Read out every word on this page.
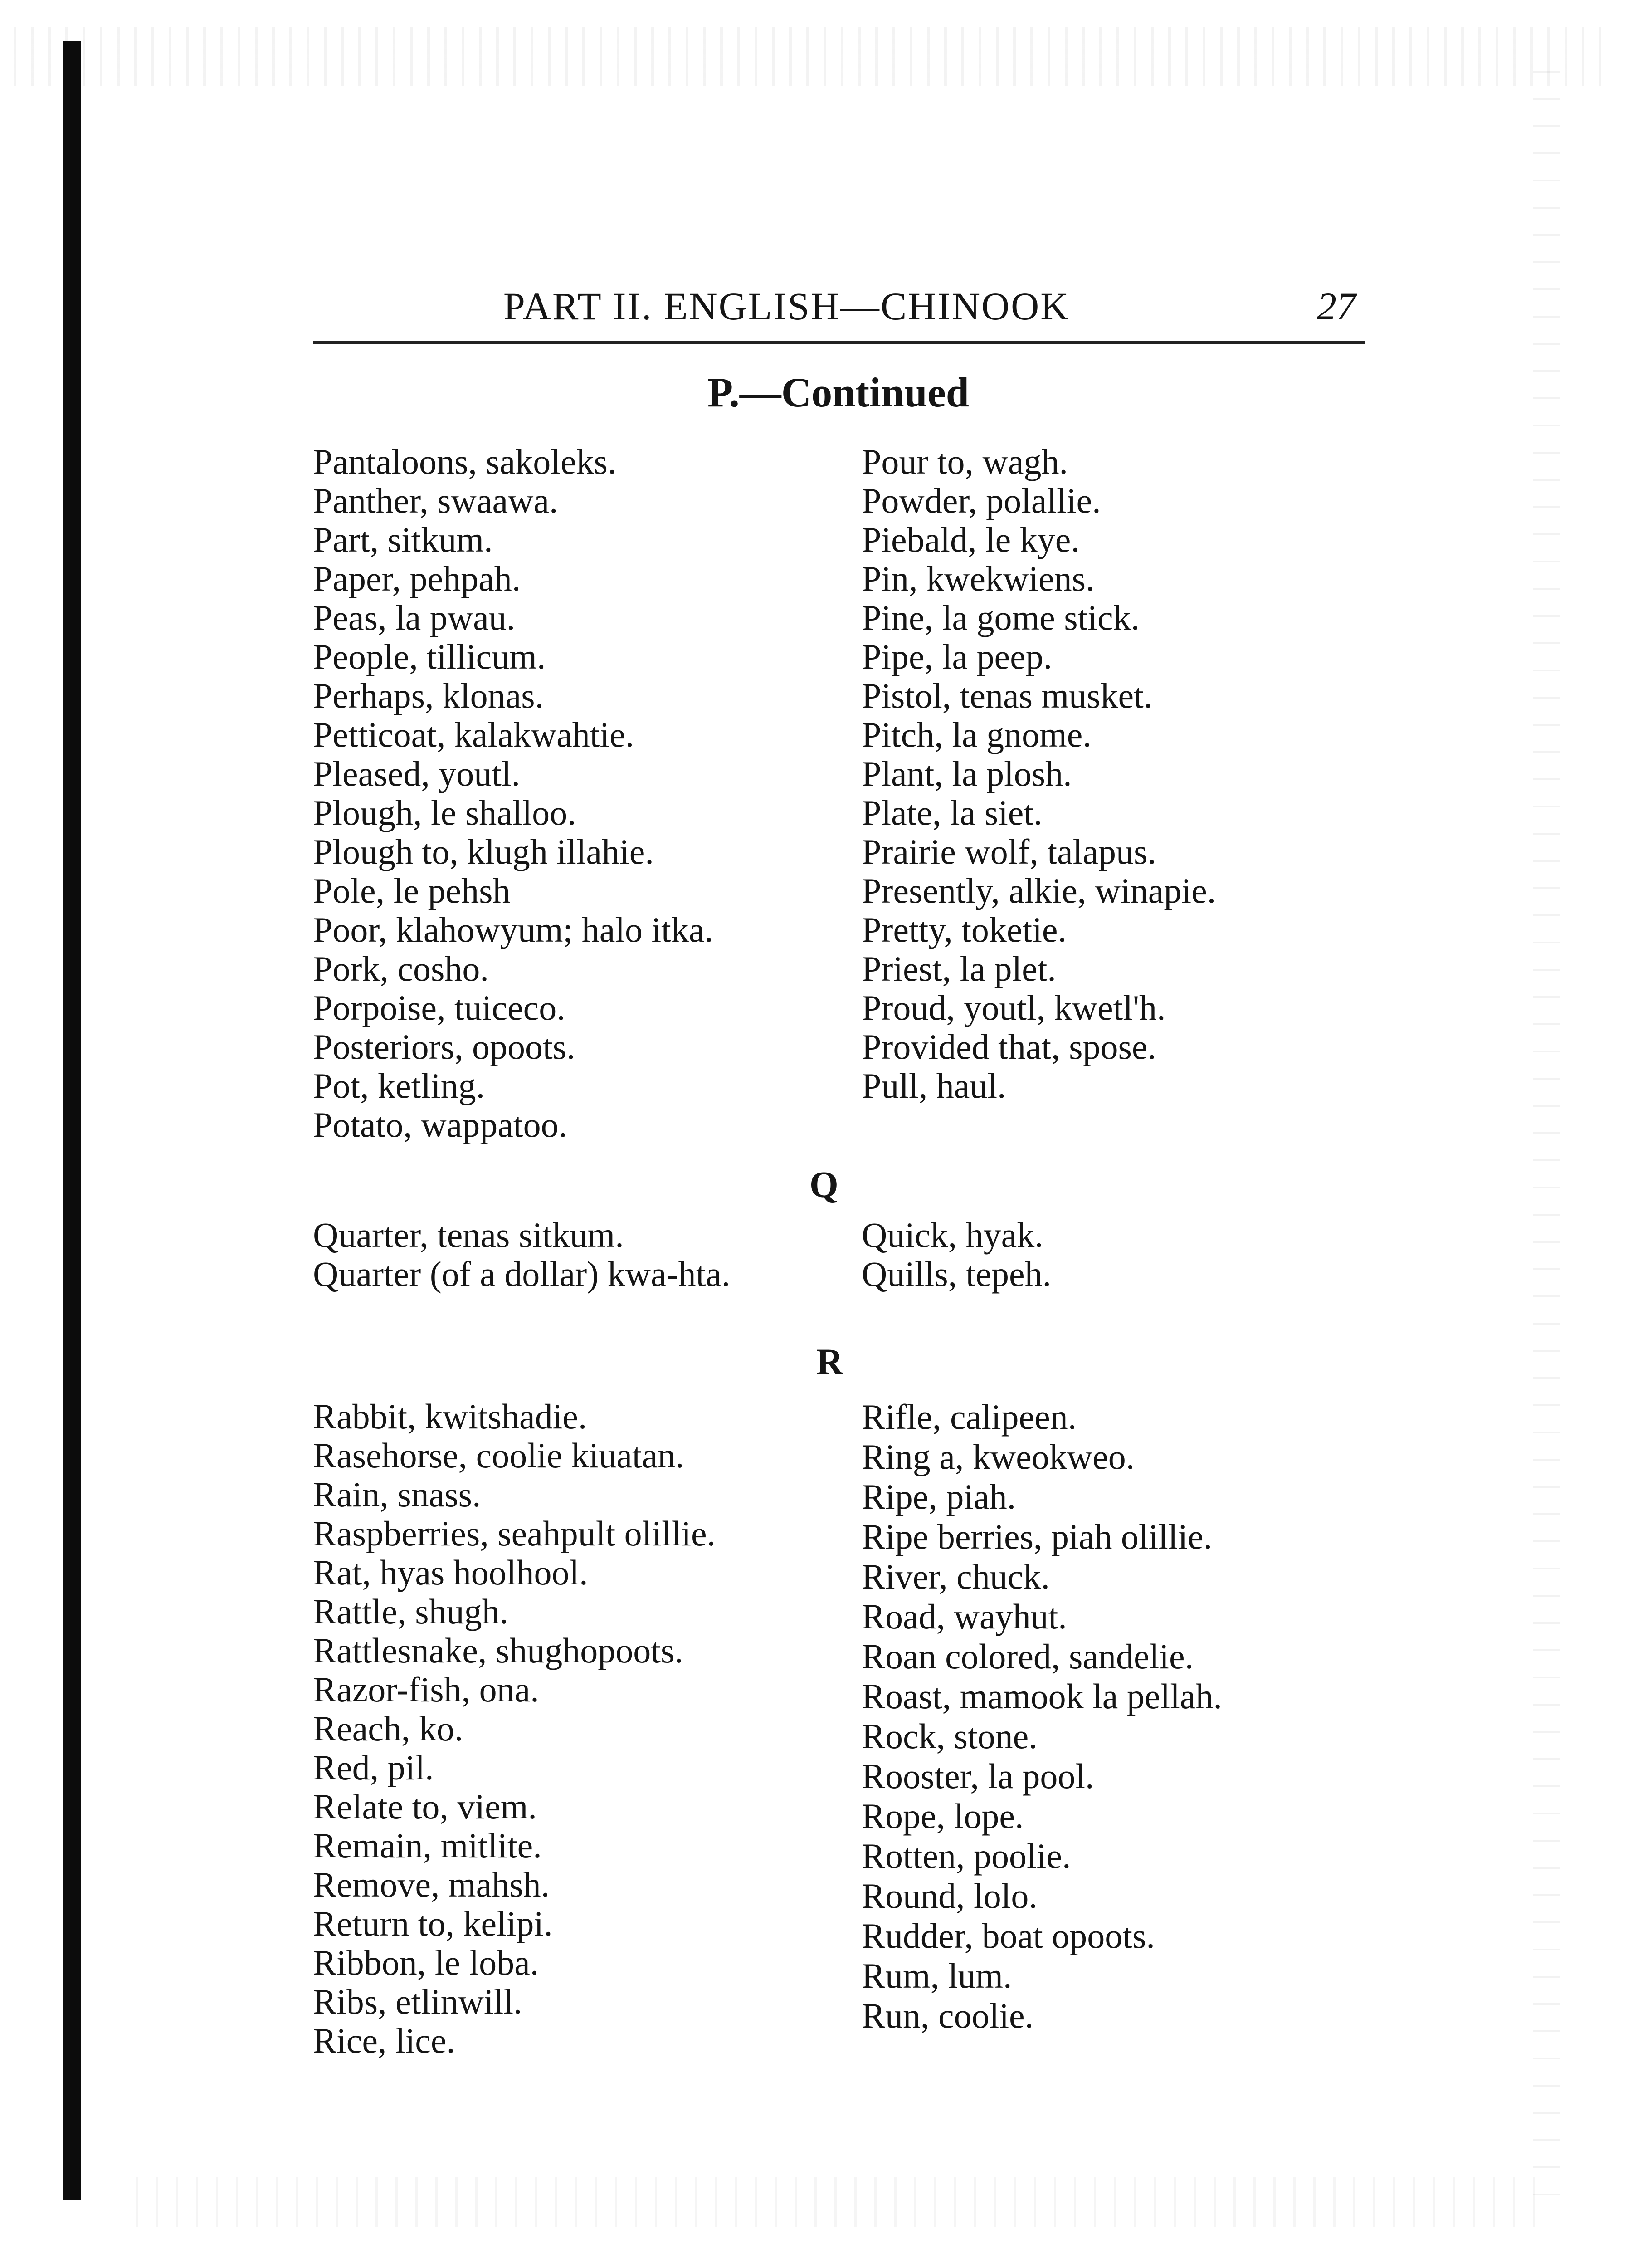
PART II. ENGLISH—CHINOOK	27
P.—Continued
Pantaloons, sakoleks.
Panther, swaawa.
Part, sitkum.
Paper, pehpah.
Peas, la pwau.
People, tillicum.
Perhaps, klonas.
Petticoat, kalakwahtie.
Pleased, youtl.
Plough, le shalloo.
Plough to, klugh illahie.
Pole, le pehsh
Poor, klahowyum; halo itka.
Pork, cosho.
Porpoise, tuiceco.
Posteriors, opoots.
Pot, ketling.
Potato, wappatoo.
Pour to, wagh.
Powder, polallie.
Piebald, le kye.
Pin, kwekwiens.
Pine, la gome stick.
Pipe, la peep.
Pistol, tenas musket.
Pitch, la gnome.
Plant, la plosh.
Plate, la siet.
Prairie wolf, talapus.
Presently, alkie, winapie.
Pretty, toketie.
Priest, la plet.
Proud, youtl, kwetl'h.
Provided that, spose.
Pull, haul.
Q
Quarter, tenas sitkum.
Quarter (of a dollar) kwa-hta.
Quick, hyak.
Quills, tepeh.
R
Rabbit, kwitshadie.
Rasehorse, coolie kiuatan.
Rain, snass.
Raspberries, seahpult olillie.
Rat, hyas hoolhool.
Rattle, shugh.
Rattlesnake, shughopoots.
Razor-fish, ona.
Reach, ko.
Red, pil.
Relate to, viem.
Remain, mitlite.
Remove, mahsh.
Return to, kelipi.
Ribbon, le loba.
Ribs, etlinwill.
Rice, lice.
Rifle, calipeen.
Ring a, kweokweo.
Ripe, piah.
Ripe berries, piah olillie.
River, chuck.
Road, wayhut.
Roan colored, sandelie.
Roast, mamook la pellah.
Rock, stone.
Rooster, la pool.
Rope, lope.
Rotten, poolie.
Round, lolo.
Rudder, boat opoots.
Rum, lum.
Run, coolie.
